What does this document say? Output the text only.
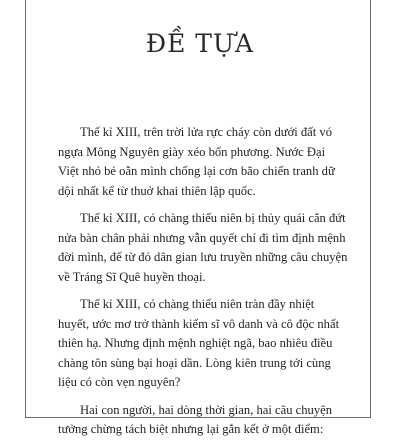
ĐỀ TỰA

Thế kỉ XIII, trên trời lửa rực cháy còn dưới đất vó ngựa Mông Nguyên giày xéo bốn phương. Nước Đại Việt nhỏ bé oằn mình chống lại cơn bão chiến tranh dữ dội nhất kể từ thuở khai thiên lập quốc.

Thế kỉ XIII, có chàng thiếu niên bị thủy quái cắn đứt nửa bàn chân phải nhưng vẫn quyết chí đi tìm định mệnh đời mình, để từ đó dân gian lưu truyền những câu chuyện về Tráng Sĩ Quê huyền thoại.

Thế kỉ XIII, có chàng thiếu niên tràn đầy nhiệt huyết, ước mơ trở thành kiếm sĩ vô danh và cô độc nhất thiên hạ. Nhưng định mệnh nghiệt ngã, bao nhiêu điều chàng tôn sùng bại hoại dần. Lòng kiên trung tới cùng liệu có còn vẹn nguyên?

Hai con người, hai dòng thời gian, hai câu chuyện tưởng chừng tách biệt nhưng lại gắn kết ở một điểm:
